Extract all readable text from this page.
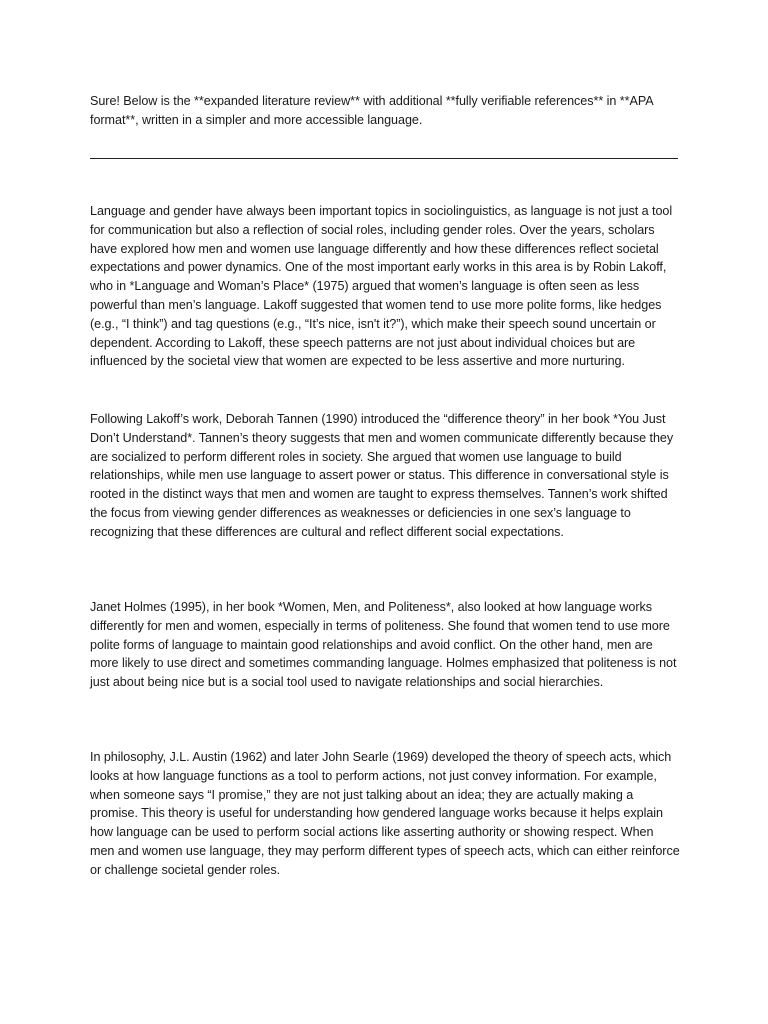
Sure! Below is the **expanded literature review** with additional **fully verifiable references** in **APA format**, written in a simpler and more accessible language.

Language and gender have always been important topics in sociolinguistics, as language is not just a tool for communication but also a reflection of social roles, including gender roles. Over the years, scholars have explored how men and women use language differently and how these differences reflect societal expectations and power dynamics. One of the most important early works in this area is by Robin Lakoff, who in *Language and Woman’s Place* (1975) argued that women’s language is often seen as less powerful than men’s language. Lakoff suggested that women tend to use more polite forms, like hedges (e.g., “I think”) and tag questions (e.g., “It’s nice, isn't it?”), which make their speech sound uncertain or dependent. According to Lakoff, these speech patterns are not just about individual choices but are influenced by the societal view that women are expected to be less assertive and more nurturing.

Following Lakoff’s work, Deborah Tannen (1990) introduced the “difference theory” in her book *You Just Don’t Understand*. Tannen’s theory suggests that men and women communicate differently because they are socialized to perform different roles in society. She argued that women use language to build relationships, while men use language to assert power or status. This difference in conversational style is rooted in the distinct ways that men and women are taught to express themselves. Tannen’s work shifted the focus from viewing gender differences as weaknesses or deficiencies in one sex’s language to recognizing that these differences are cultural and reflect different social expectations.

Janet Holmes (1995), in her book *Women, Men, and Politeness*, also looked at how language works differently for men and women, especially in terms of politeness. She found that women tend to use more polite forms of language to maintain good relationships and avoid conflict. On the other hand, men are more likely to use direct and sometimes commanding language. Holmes emphasized that politeness is not just about being nice but is a social tool used to navigate relationships and social hierarchies.

In philosophy, J.L. Austin (1962) and later John Searle (1969) developed the theory of speech acts, which looks at how language functions as a tool to perform actions, not just convey information. For example, when someone says “I promise,” they are not just talking about an idea; they are actually making a promise. This theory is useful for understanding how gendered language works because it helps explain how language can be used to perform social actions like asserting authority or showing respect. When men and women use language, they may perform different types of speech acts, which can either reinforce or challenge societal gender roles.
